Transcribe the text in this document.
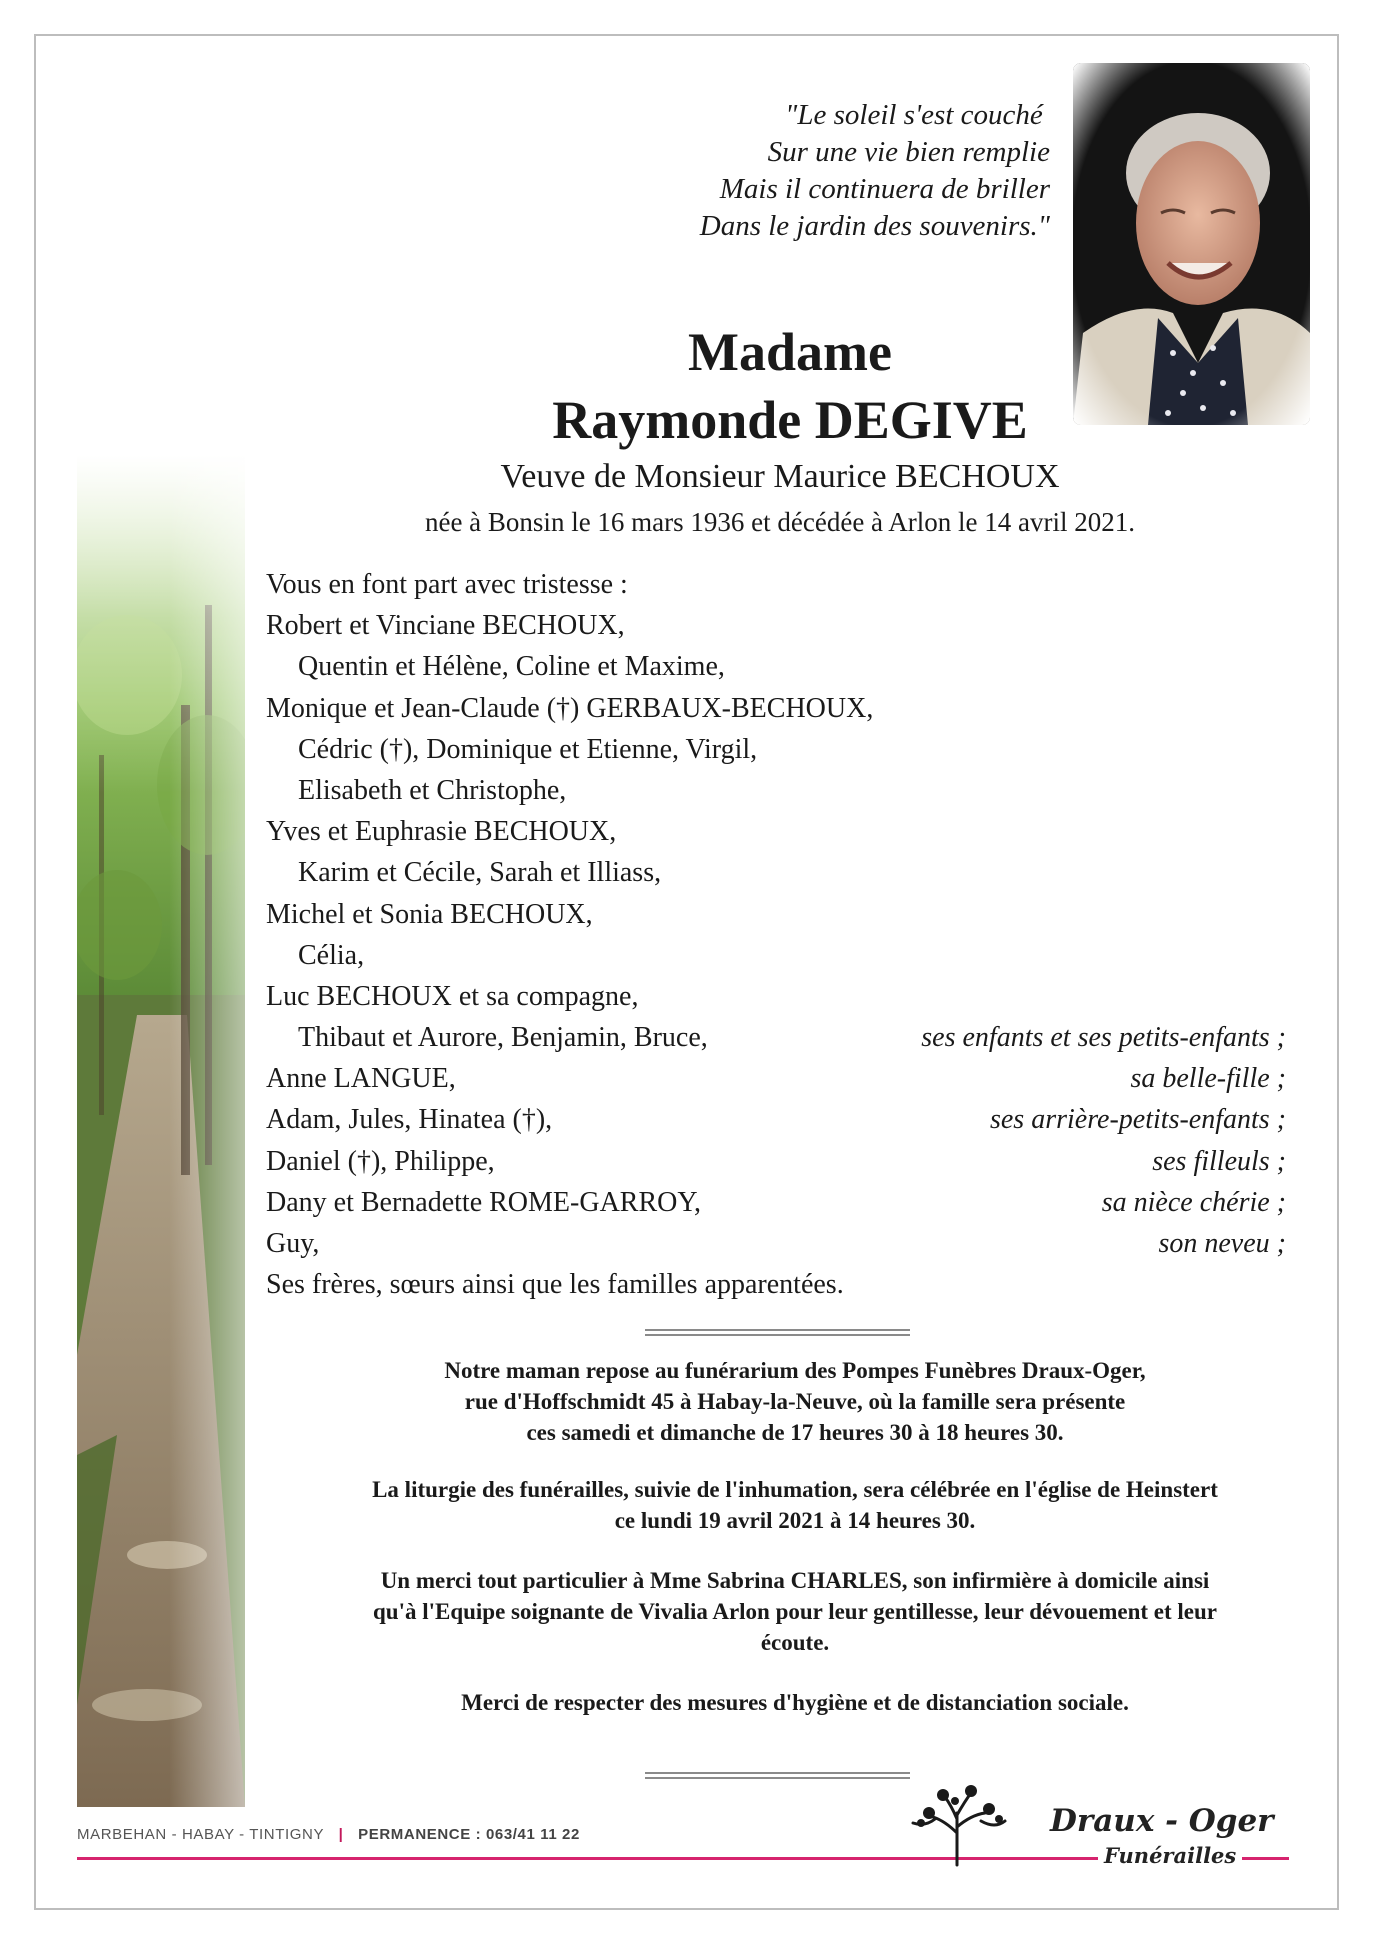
"Le soleil s'est couché
Sur une vie bien remplie
Mais il continuera de briller
Dans le jardin des souvenirs."
Madame
Raymonde DEGIVE
Veuve de Monsieur Maurice BECHOUX
née à Bonsin le 16 mars 1936 et décédée à Arlon le 14 avril 2021.
Vous en font part avec tristesse :
Robert et Vinciane BECHOUX,
Quentin et Hélène, Coline et Maxime,
Monique et Jean-Claude (†) GERBAUX-BECHOUX,
Cédric (†), Dominique et Etienne, Virgil,
Elisabeth et Christophe,
Yves et Euphrasie BECHOUX,
Karim et Cécile, Sarah et Illiass,
Michel et Sonia BECHOUX,
Célia,
Luc BECHOUX et sa compagne,
Thibaut et Aurore, Benjamin, Bruce,	ses enfants et ses petits-enfants ;
Anne LANGUE,	sa belle-fille ;
Adam, Jules, Hinatea (†),	ses arrière-petits-enfants ;
Daniel (†), Philippe,	ses filleuls ;
Dany et Bernadette ROME-GARROY,	sa nièce chérie ;
Guy,	son neveu ;
Ses frères, sœurs ainsi que les familles apparentées.
Notre maman repose au funérarium des Pompes Funèbres Draux-Oger,
rue d'Hoffschmidt 45 à Habay-la-Neuve, où la famille sera présente
ces samedi et dimanche de 17 heures 30 à 18 heures 30.
La liturgie des funérailles, suivie de l'inhumation, sera célébrée en l'église de Heinstert
ce lundi 19 avril 2021 à 14 heures 30.
Un merci tout particulier à Mme Sabrina CHARLES, son infirmière à domicile ainsi
qu'à l'Equipe soignante de Vivalia Arlon pour leur gentillesse, leur dévouement et leur
écoute.
Merci de respecter des mesures d'hygiène et de distanciation sociale.
MARBEHAN - HABAY - TINTIGNY | PERMANENCE : 063/41 11 22	Draux - Oger
Funérailles
